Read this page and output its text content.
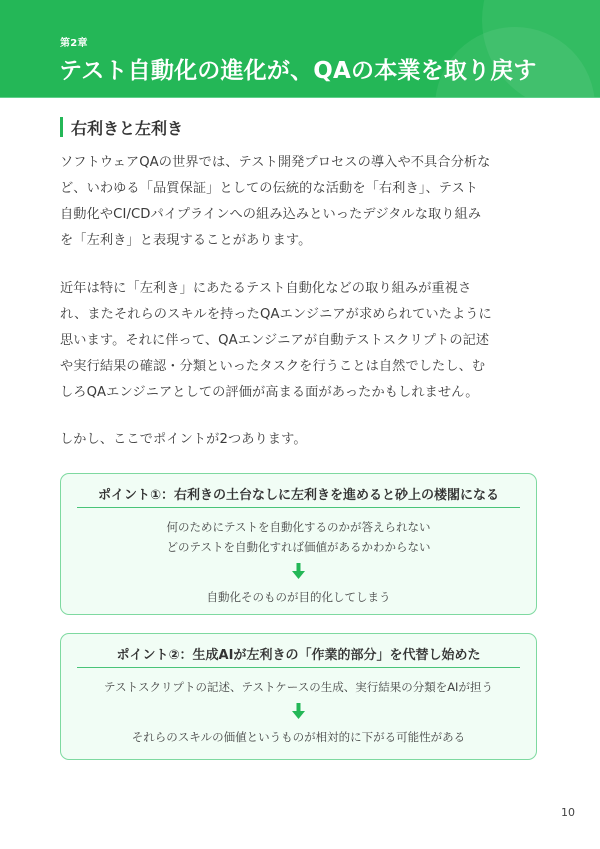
第2章
テスト自動化の進化が、QAの本業を取り戻す
右利きと左利き

ソフトウェアQAの世界では、テスト開発プロセスの導入や不具合分析な
ど、いわゆる「品質保証」としての伝統的な活動を「右利き」、テスト
自動化やCI/CDパイプラインへの組み込みといったデジタルな取り組み
を「左利き」と表現することがあります。

近年は特に「左利き」にあたるテスト自動化などの取り組みが重視さ
れ、またそれらのスキルを持ったQAエンジニアが求められていたように
思います。それに伴って、QAエンジニアが自動テストスクリプトの記述
や実行結果の確認・分類といったタスクを行うことは自然でしたし、む
しろQAエンジニアとしての評価が高まる面があったかもしれません。

しかし、ここでポイントが2つあります。

ポイント①：右利きの土台なしに左利きを進めると砂上の楼閣になる
何のためにテストを自動化するのかが答えられない
どのテストを自動化すれば価値があるかわからない
自動化そのものが目的化してしまう
ポイント②：生成AIが左利きの「作業的部分」を代替し始めた
テストスクリプトの記述、テストケースの生成、実行結果の分類をAIが担う
それらのスキルの価値というものが相対的に下がる可能性がある
10
